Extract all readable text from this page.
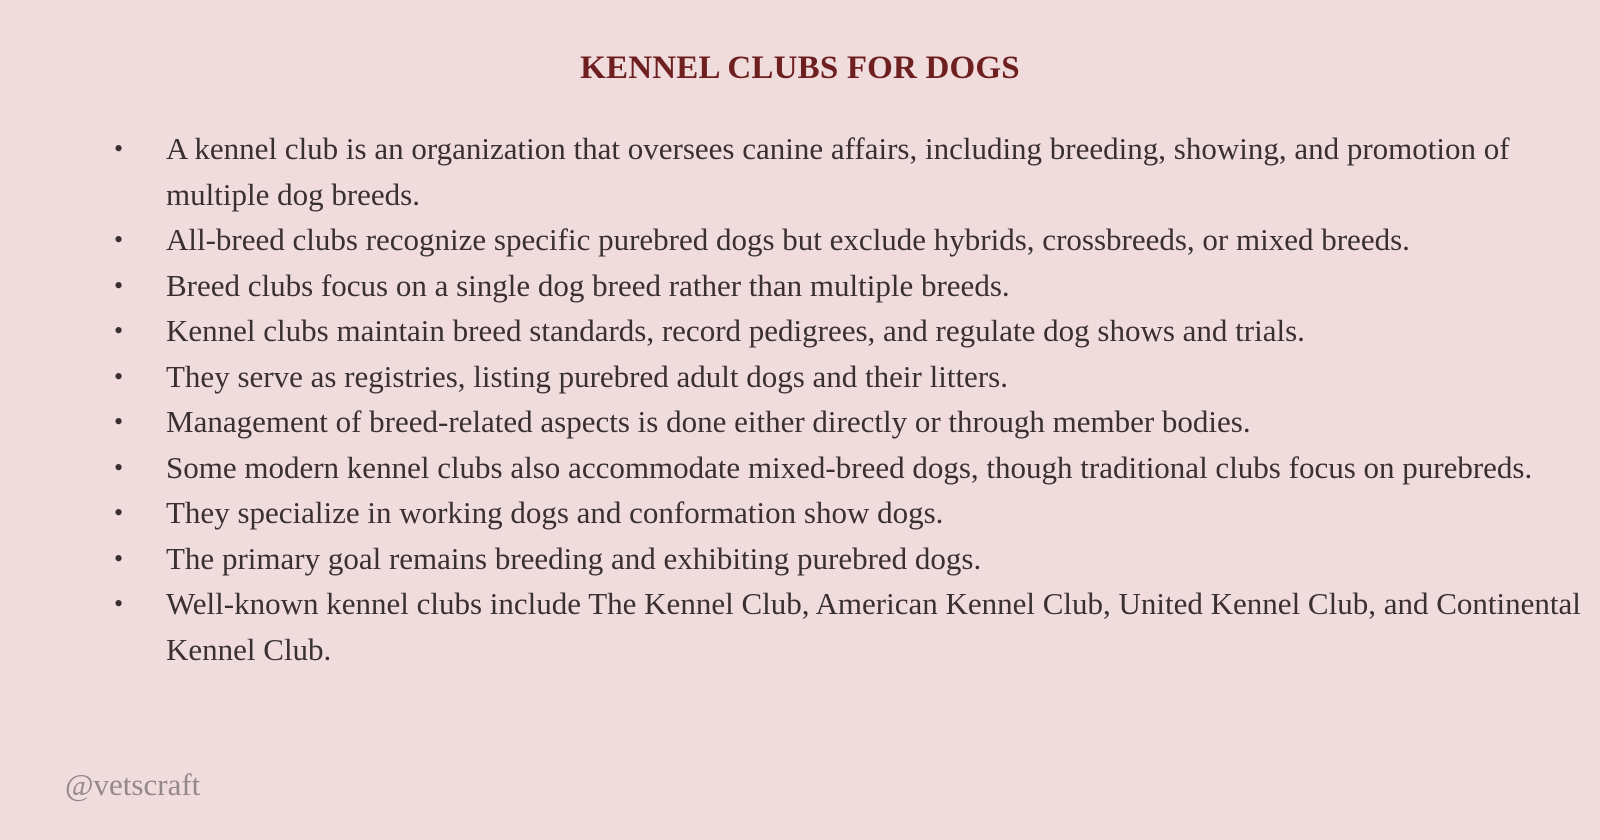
KENNEL CLUBS FOR DOGS
• A kennel club is an organization that oversees canine affairs, including breeding, showing, and promotion of multiple dog breeds.
• All-breed clubs recognize specific purebred dogs but exclude hybrids, crossbreeds, or mixed breeds.
• Breed clubs focus on a single dog breed rather than multiple breeds.
• Kennel clubs maintain breed standards, record pedigrees, and regulate dog shows and trials.
• They serve as registries, listing purebred adult dogs and their litters.
• Management of breed-related aspects is done either directly or through member bodies.
• Some modern kennel clubs also accommodate mixed-breed dogs, though traditional clubs focus on purebreds.
• They specialize in working dogs and conformation show dogs.
• The primary goal remains breeding and exhibiting purebred dogs.
• Well-known kennel clubs include The Kennel Club, American Kennel Club, United Kennel Club, and Continental Kennel Club.
@vetscraft
